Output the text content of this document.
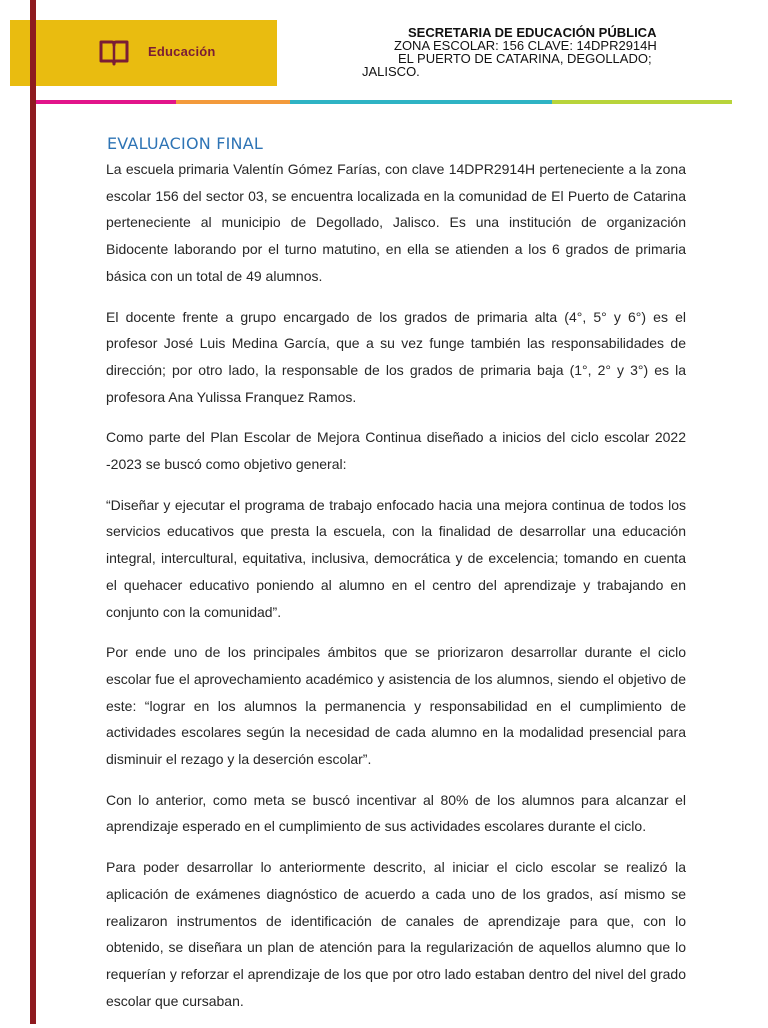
Educación
SECRETARIA DE EDUCACIÓN PÚBLICA
ZONA ESCOLAR: 156 CLAVE: 14DPR2914H
EL PUERTO DE CATARINA, DEGOLLADO;
JALISCO.
EVALUACION FINAL

La escuela primaria Valentín Gómez Farías, con clave 14DPR2914H perteneciente a la zona escolar 156 del sector 03, se encuentra localizada en la comunidad de El Puerto de Catarina perteneciente al municipio de Degollado, Jalisco. Es una institución de organización Bidocente laborando por el turno matutino, en ella se atienden a los 6 grados de primaria básica con un total de 49 alumnos.

El docente frente a grupo encargado de los grados de primaria alta (4°, 5° y 6°) es el profesor José Luis Medina García, que a su vez funge también las responsabilidades de dirección; por otro lado, la responsable de los grados de primaria baja (1°, 2° y 3°) es la profesora Ana Yulissa Franquez Ramos.

Como parte del Plan Escolar de Mejora Continua diseñado a inicios del ciclo escolar 2022 -2023 se buscó como objetivo general:

“Diseñar y ejecutar el programa de trabajo enfocado hacia una mejora continua de todos los servicios educativos que presta la escuela, con la finalidad de desarrollar una educación integral, intercultural, equitativa, inclusiva, democrática y de excelencia; tomando en cuenta el quehacer educativo poniendo al alumno en el centro del aprendizaje y trabajando en conjunto con la comunidad”.

Por ende uno de los principales ámbitos que se priorizaron desarrollar durante el ciclo escolar fue el aprovechamiento académico y asistencia de los alumnos, siendo el objetivo de este: “lograr en los alumnos la permanencia y responsabilidad en el cumplimiento de actividades escolares según la necesidad de cada alumno en la modalidad presencial para disminuir el rezago y la deserción escolar”.

Con lo anterior, como meta se buscó incentivar al 80% de los alumnos para alcanzar el aprendizaje esperado en el cumplimiento de sus actividades escolares durante el ciclo.

Para poder desarrollar lo anteriormente descrito, al iniciar el ciclo escolar se realizó la aplicación de exámenes diagnóstico de acuerdo a cada uno de los grados, así mismo se realizaron instrumentos de identificación de canales de aprendizaje para que, con lo obtenido, se diseñara un plan de atención para la regularización de aquellos alumno que lo requerían y reforzar el aprendizaje de los que por otro lado estaban dentro del nivel del grado escolar que cursaban.
